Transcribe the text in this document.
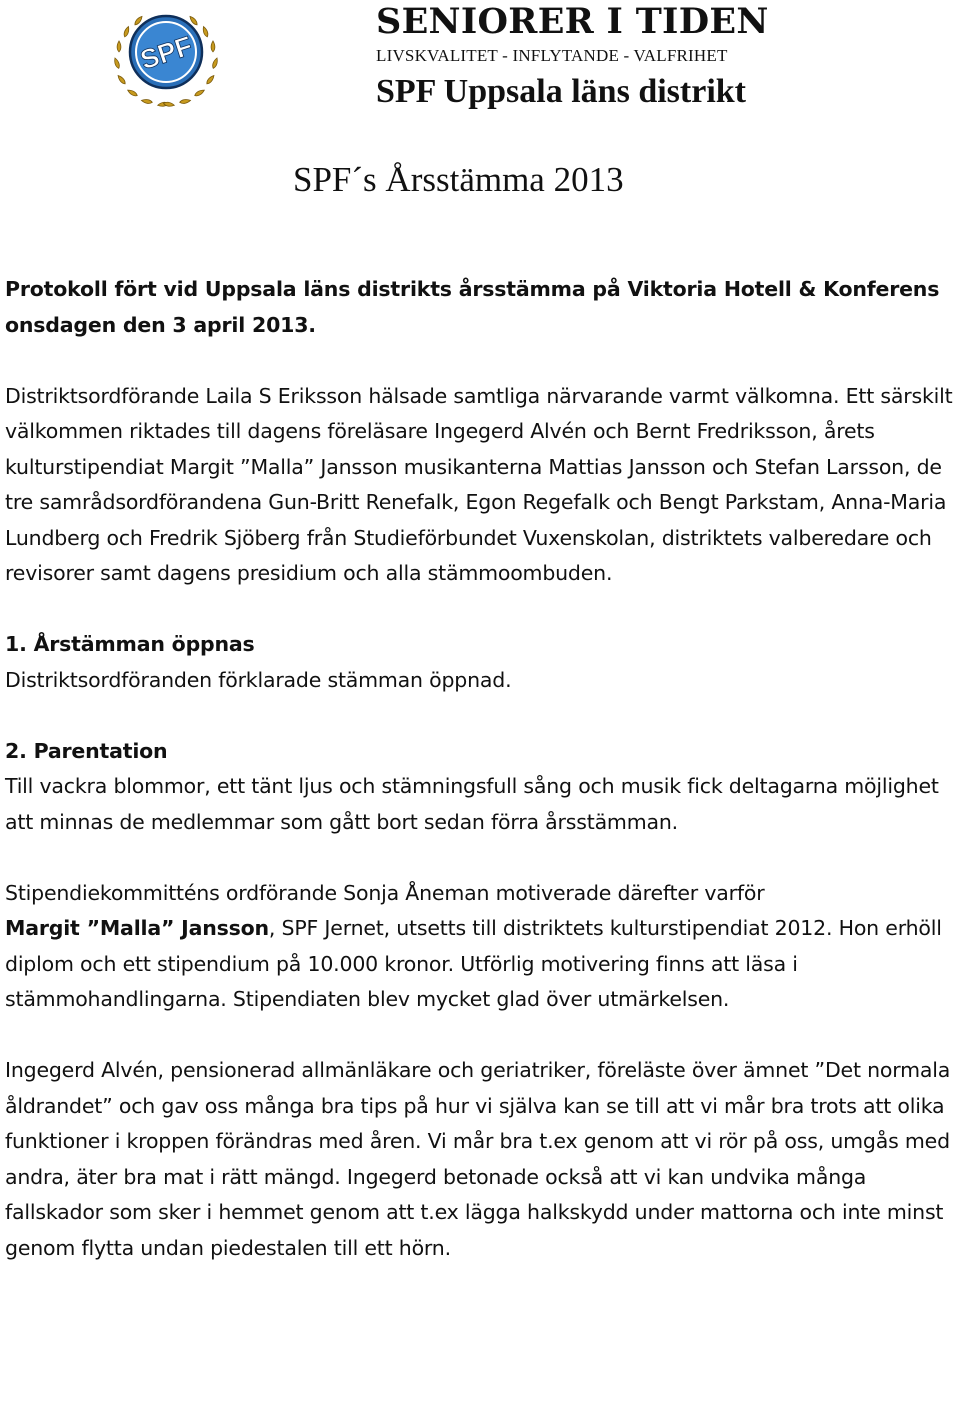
SPF
SENIORER I TIDEN
LIVSKVALITET - INFLYTANDE - VALFRIHET
SPF Uppsala läns distrikt
SPF´s Årsstämma 2013

Protokoll fört vid Uppsala läns distrikts årsstämma på Viktoria Hotell & Konferens onsdagen den 3 april 2013.

Distriktsordförande Laila S Eriksson hälsade samtliga närvarande varmt välkomna. Ett särskilt välkommen riktades till dagens föreläsare Ingegerd Alvén och Bernt Fredriksson, årets kulturstipendiat Margit ”Malla” Jansson musikanterna Mattias Jansson och Stefan Larsson, de tre samrådsordförandena Gun-Britt Renefalk, Egon Regefalk och Bengt Parkstam, Anna-Maria Lundberg och Fredrik Sjöberg från Studieförbundet Vuxenskolan, distriktets valberedare och revisorer samt dagens presidium och alla stämmoombuden.

1. Årstämman öppnas

Distriktsordföranden förklarade stämman öppnad.

2. Parentation

Till vackra blommor, ett tänt ljus och stämningsfull sång och musik fick deltagarna möjlighet att minnas de medlemmar som gått bort sedan förra årsstämman.

Stipendiekommitténs ordförande Sonja Åneman motiverade därefter varför
Margit ”Malla” Jansson, SPF Jernet, utsetts till distriktets kulturstipendiat 2012. Hon erhöll diplom och ett stipendium på 10.000 kronor. Utförlig motivering finns att läsa i stämmohandlingarna. Stipendiaten blev mycket glad över utmärkelsen.

Ingegerd Alvén, pensionerad allmänläkare och geriatriker, föreläste över ämnet ”Det normala åldrandet” och gav oss många bra tips på hur vi själva kan se till att vi mår bra trots att olika funktioner i kroppen förändras med åren. Vi mår bra t.ex genom att vi rör på oss, umgås med andra, äter bra mat i rätt mängd. Ingegerd betonade också att vi kan undvika många fallskador som sker i hemmet genom att t.ex lägga halkskydd under mattorna och inte minst genom flytta undan piedestalen till ett hörn.
